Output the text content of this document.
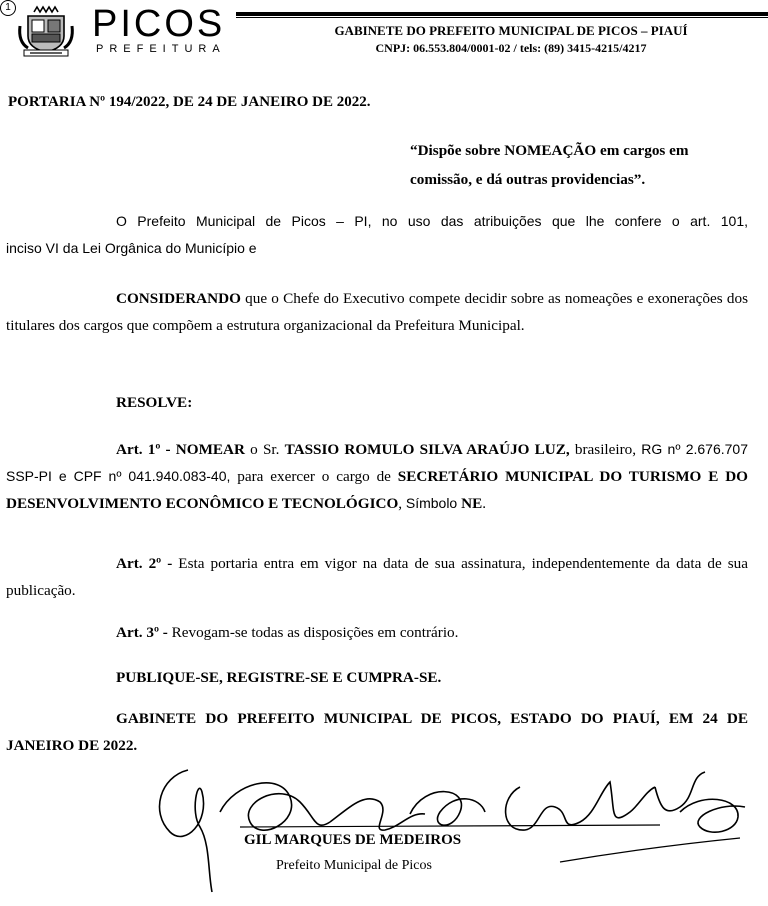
1 PICOS
PREFEITURA
GABINETE DO PREFEITO MUNICIPAL DE PICOS – PIAUÍ
CNPJ: 06.553.804/0001-02 / tels: (89) 3415-4215/4217
PORTARIA Nº 194/2022, DE 24 DE JANEIRO DE 2022.
“Dispõe sobre NOMEAÇÃO em cargos em
comissão, e dá outras providencias”.
O Prefeito Municipal de Picos – PI, no uso das atribuições que lhe confere o art. 101,
inciso VI da Lei Orgânica do Município e
CONSIDERANDO que o Chefe do Executivo compete decidir sobre as nomeações e exonerações dos titulares dos cargos que compõem a estrutura organizacional da Prefeitura Municipal.
RESOLVE:
Art. 1º - NOMEAR o Sr. TASSIO ROMULO SILVA ARAÚJO LUZ, brasileiro, RG nº 2.676.707 SSP-PI e CPF nº 041.940.083-40, para exercer o cargo de SECRETÁRIO MUNICIPAL DO TURISMO E DO DESENVOLVIMENTO ECONÔMICO E TECNOLÓGICO, Símbolo NE.
Art. 2º - Esta portaria entra em vigor na data de sua assinatura, independentemente da data de sua publicação.
Art. 3º - Revogam-se todas as disposições em contrário.
PUBLIQUE-SE, REGISTRE-SE E CUMPRA-SE.
GABINETE DO PREFEITO MUNICIPAL DE PICOS, ESTADO DO PIAUÍ, EM 24 DE JANEIRO DE 2022.
GIL MARQUES DE MEDEIROS
Prefeito Municipal de Picos
